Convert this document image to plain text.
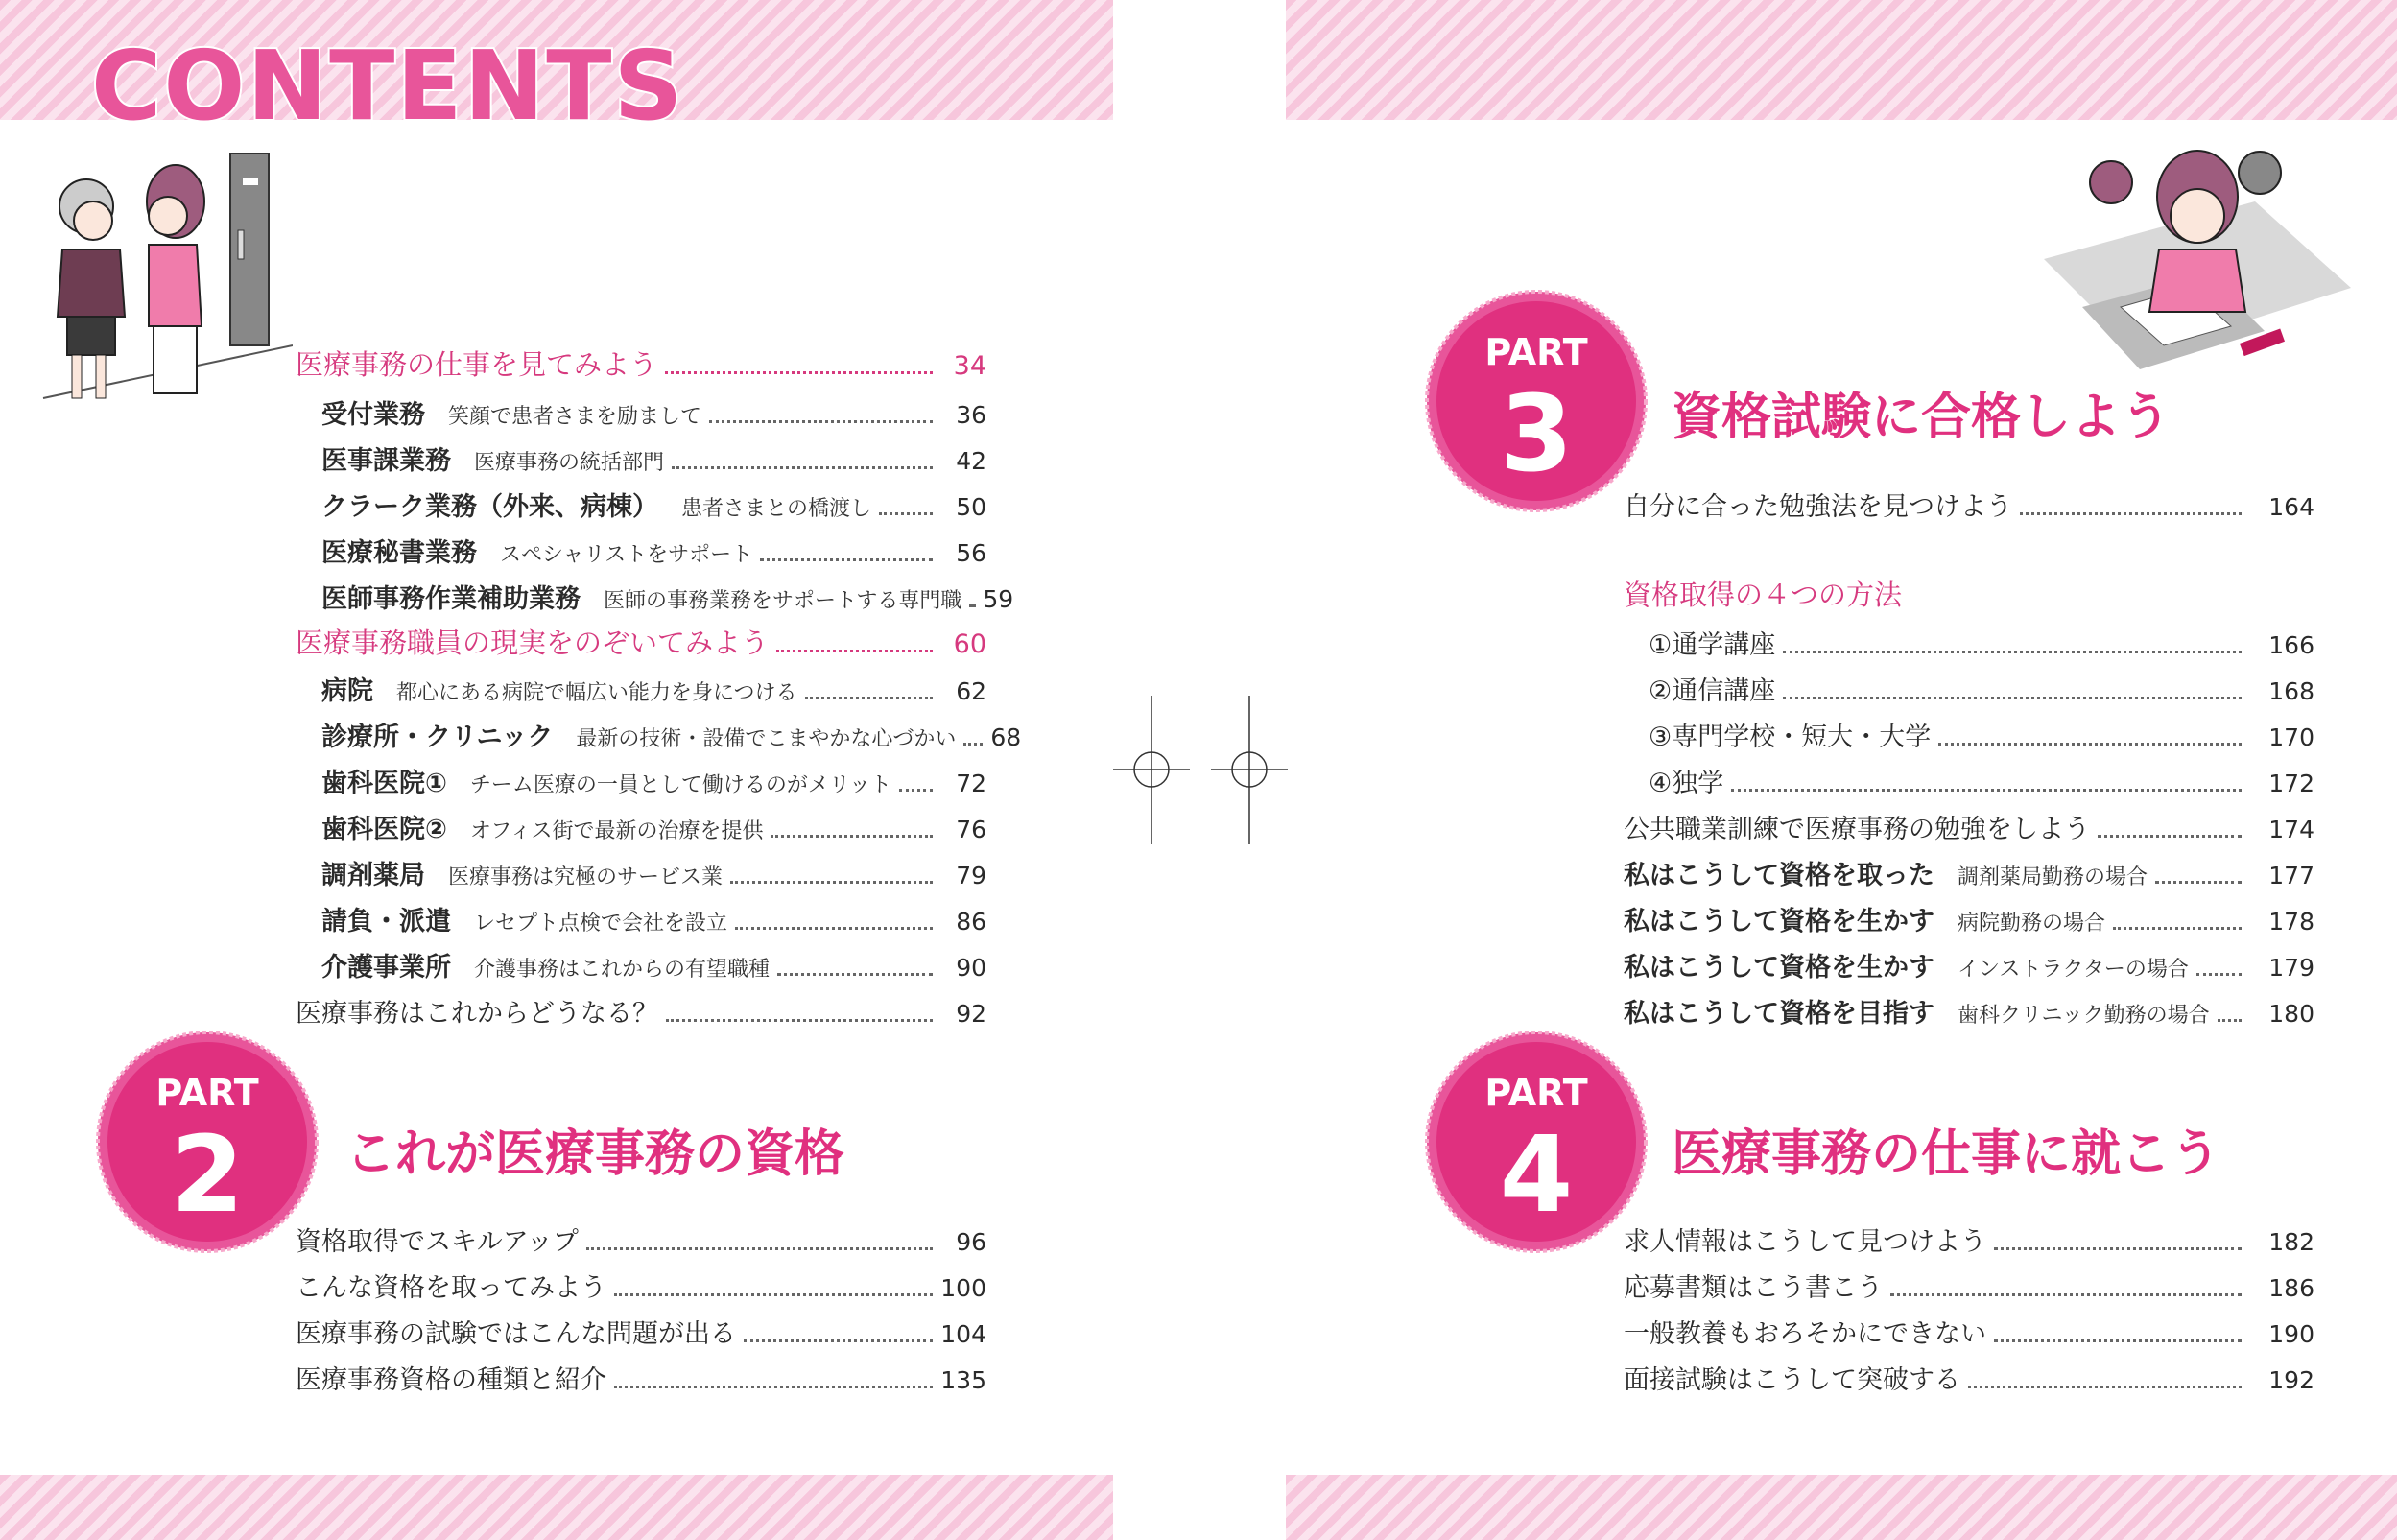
CONTENTS
医療事務の仕事を見てみよう	34
受付業務 笑顔で患者さまを励まして	36
医事課業務 医療事務の統括部門	42
クラーク業務（外来、病棟） 患者さまとの橋渡し	50
医療秘書業務 スペシャリストをサポート	56
医師事務作業補助業務 医師の事務業務をサポートする専門職 59
医療事務職員の現実をのぞいてみよう	60
病院 都心にある病院で幅広い能力を身につける	62
診療所・クリニック 最新の技術・設備でこまやかな心づかい 68
歯科医院① チーム医療の一員として働けるのがメリット	72
歯科医院② オフィス街で最新の治療を提供	76
調剤薬局 医療事務は究極のサービス業	79
請負・派遣 レセプト点検で会社を設立	86
介護事業所 介護事務はこれからの有望職種	90
医療事務はこれからどうなる？	92
PART
2 これが医療事務の資格
資格取得でスキルアップ	96
こんな資格を取ってみよう	100
医療事務の試験ではこんな問題が出る	104
医療事務資格の種類と紹介	135
PART
3 資格試験に合格しよう
自分に合った勉強法を見つけよう	164
資格取得の４つの方法
①通学講座	166
②通信講座	168
③専門学校・短大・大学	170
④独学	172
公共職業訓練で医療事務の勉強をしよう	174
私はこうして資格を取った 調剤薬局勤務の場合	177
私はこうして資格を生かす 病院勤務の場合	178
私はこうして資格を生かす インストラクターの場合	179
私はこうして資格を目指す 歯科クリニック勤務の場合	180
PART
4 医療事務の仕事に就こう
求人情報はこうして見つけよう	182
応募書類はこう書こう	186
一般教養もおろそかにできない	190
面接試験はこうして突破する	192
